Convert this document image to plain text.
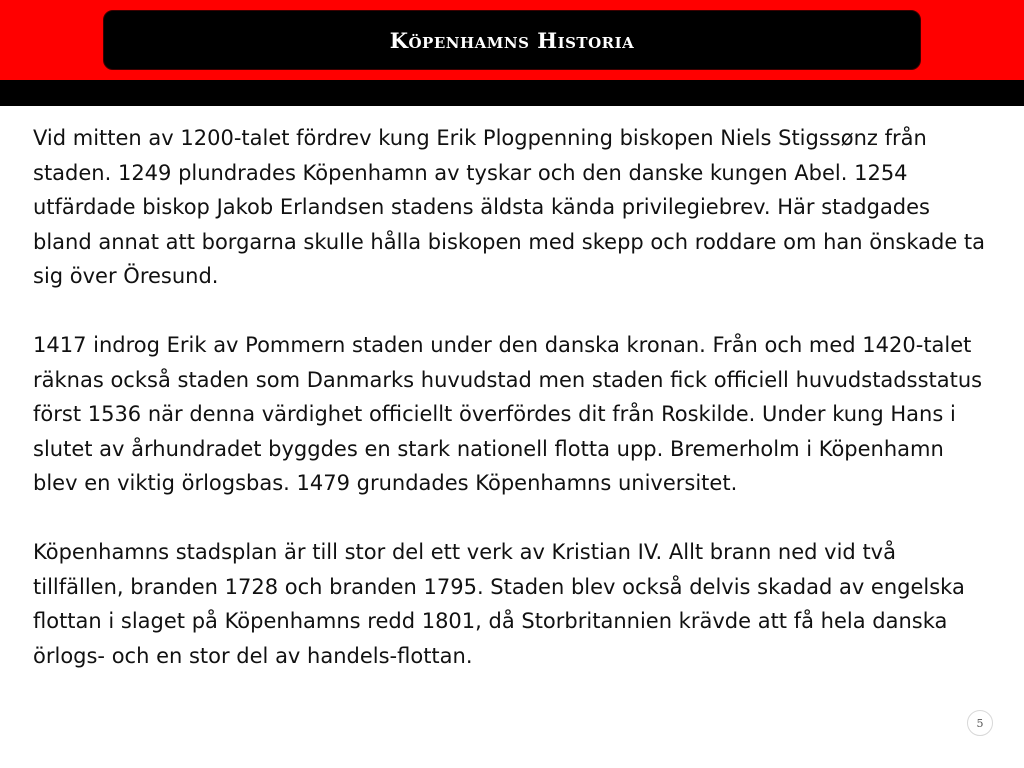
Köpenhamns Historia

Vid mitten av 1200-talet fördrev kung Erik Plogpenning biskopen Niels Stigssønz från staden. 1249 plundrades Köpenhamn av tyskar och den danske kungen Abel. 1254 utfärdade biskop Jakob Erlandsen stadens äldsta kända privilegiebrev. Här stadgades bland annat att borgarna skulle hålla biskopen med skepp och roddare om han önskade ta sig över Öresund.

1417 indrog Erik av Pommern staden under den danska kronan. Från och med 1420-talet räknas också staden som Danmarks huvudstad men staden fick officiell huvudstadsstatus först 1536 när denna värdighet officiellt överfördes dit från Roskilde. Under kung Hans i slutet av århundradet byggdes en stark nationell flotta upp. Bremerholm i Köpenhamn blev en viktig örlogsbas. 1479 grundades Köpenhamns universitet.

Köpenhamns stadsplan är till stor del ett verk av Kristian IV. Allt brann ned vid två tillfällen, branden 1728 och branden 1795. Staden blev också delvis skadad av engelska flottan i slaget på Köpenhamns redd 1801, då Storbritannien krävde att få hela danska örlogs- och en stor del av handels-flottan.

5
